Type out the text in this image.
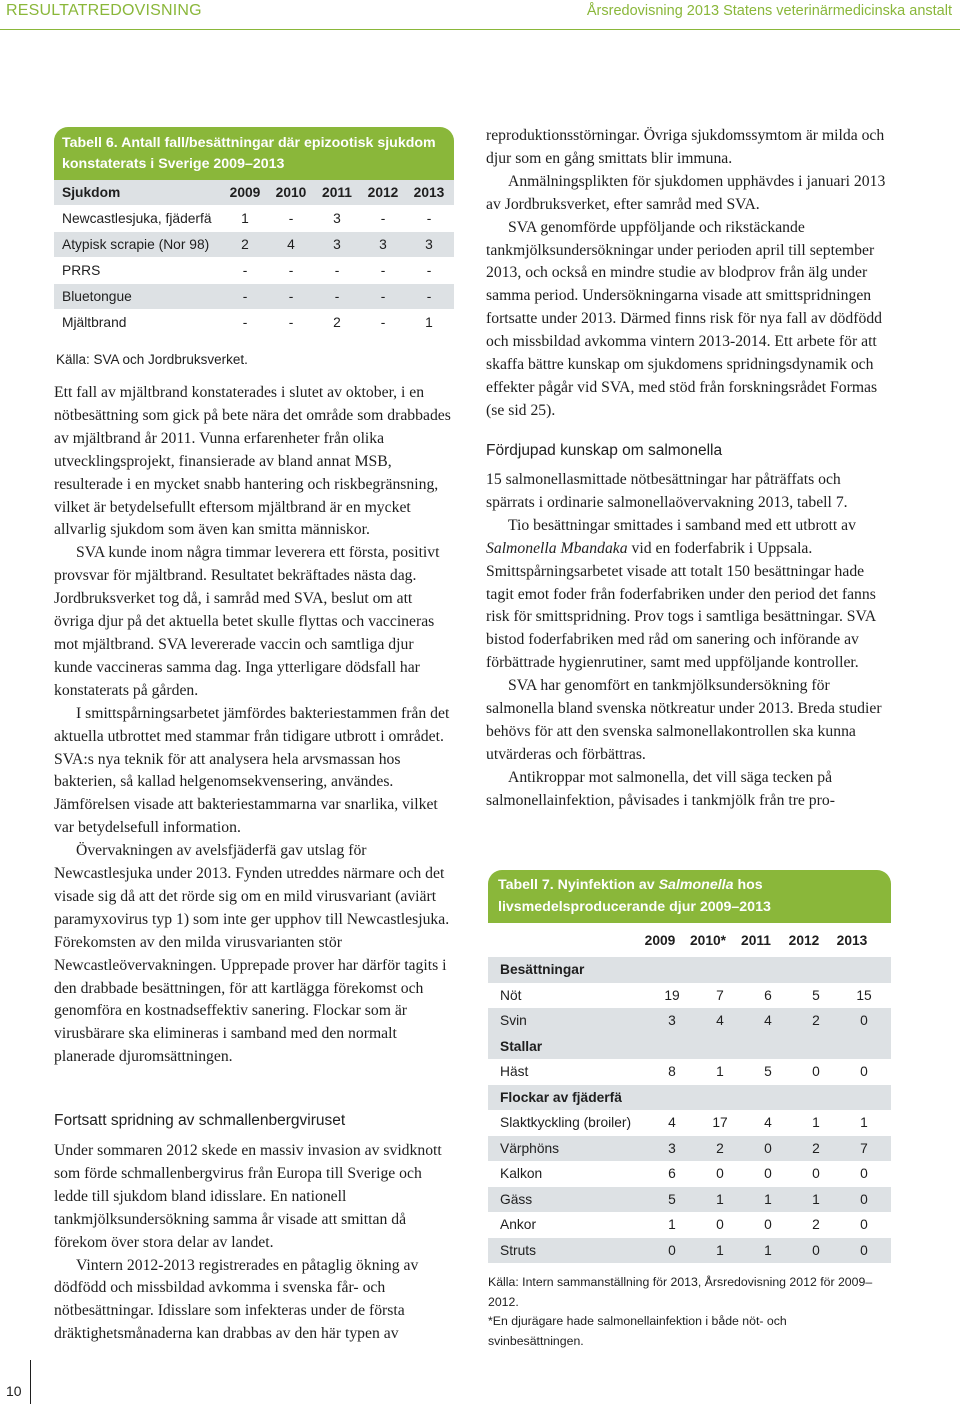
RESULTATREDOVISNING	Årsredovisning 2013 Statens veterinärmedicinska anstalt
Tabell 6. Antall fall/besättningar där epizootisk sjukdom
konstaterats i Sverige 2009–2013
Sjukdom	2009	2010	2011	2012	2013
Newcastlesjuka, fjäderfä	1	-	3	-	-
Atypisk scrapie (Nor 98)	2	4	3	3	3
PRRS	-	-	-	-	-
Bluetongue	-	-	-	-	-
Mjältbrand	-	-	2	-	1
Källa: SVA och Jordbruksverket.

Ett fall av mjältbrand konstaterades i slutet av oktober, i en nötbesättning som gick på bete nära det område som drabbades av mjältbrand år 2011. Vunna erfarenheter från olika utvecklingsprojekt, finansierade av bland annat MSB, resulterade i en mycket snabb hantering och riskbegränsning, vilket är betydelsefullt eftersom mjältbrand är en mycket allvarlig sjukdom som även kan smitta människor.

SVA kunde inom några timmar leverera ett första, positivt provsvar för mjältbrand. Resultatet bekräftades nästa dag. Jordbruksverket tog då, i samråd med SVA, beslut om att övriga djur på det aktuella betet skulle flyttas och vaccineras mot mjältbrand. SVA levererade vaccin och samtliga djur kunde vaccineras samma dag. Inga ytterligare dödsfall har konstaterats på gården.

I smittspårningsarbetet jämfördes bakteriestammen från det aktuella utbrottet med stammar från tidigare utbrott i området. SVA:s nya teknik för att analysera hela arvsmassan hos bakterien, så kallad helgenomsekvensering, användes. Jämförelsen visade att bakteriestammarna var snarlika, vilket var betydelsefull information.

Övervakningen av avelsfjäderfä gav utslag för Newcastlesjuka under 2013. Fynden utreddes närmare och det visade sig då att det rörde sig om en mild virusvariant (aviärt paramyxovirus typ 1) som inte ger upphov till Newcastlesjuka. Förekomsten av den milda virusvarianten stör Newcastleövervakningen. Upprepade prover har därför tagits i den drabbade besättningen, för att kartlägga förekomst och genomföra en kostnadseffektiv sanering. Flockar som är virusbärare ska elimineras i samband med den normalt planerade djuromsättningen.

Fortsatt spridning av schmallenbergviruset

Under sommaren 2012 skede en massiv invasion av svidknott som förde schmallenbergvirus från Europa till Sverige och ledde till sjukdom bland idisslare. En nationell tankmjölksundersökning samma år visade att smittan då förekom över stora delar av landet.

Vintern 2012-2013 registrerades en påtaglig ökning av dödfödd och missbildad avkomma i svenska får- och nötbesättningar. Idisslare som infekteras under de första dräktighetsmånaderna kan drabbas av den här typen av

reproduktionsstörningar. Övriga sjukdomssymtom är milda och djur som en gång smittats blir immuna.

Anmälningsplikten för sjukdomen upphävdes i januari 2013 av Jordbruksverket, efter samråd med SVA.

SVA genomförde uppföljande och rikstäckande tankmjölksundersökningar under perioden april till september 2013, och också en mindre studie av blodprov från älg under samma period. Undersökningarna visade att smittspridningen fortsatte under 2013. Därmed finns risk för nya fall av dödfödd och missbildad avkomma vintern 2013-2014. Ett arbete för att skaffa bättre kunskap om sjukdomens spridningsdynamik och effekter pågår vid SVA, med stöd från forskningsrådet Formas (se sid 25).

Fördjupad kunskap om salmonella

15 salmonellasmittade nötbesättningar har påträffats och spärrats i ordinarie salmonellaövervakning 2013, tabell 7.

Tio besättningar smittades i samband med ett utbrott av Salmonella Mbandaka vid en foderfabrik i Uppsala. Smittspårningsarbetet visade att totalt 150 besättningar hade tagit emot foder från foderfabriken under den period det fanns risk för smittspridning. Prov togs i samtliga besättningar. SVA bistod foderfabriken med råd om sanering och införande av förbättrade hygienrutiner, samt med uppföljande kontroller.

SVA har genomfört en tankmjölksundersökning för salmonella bland svenska nötkreatur under 2013. Breda studier behövs för att den svenska salmonellakontrollen ska kunna utvärderas och förbättras.

Antikroppar mot salmonella, det vill säga tecken på salmonellainfektion, påvisades i tankmjölk från tre pro-

Tabell 7. Nyinfektion av Salmonella hos
livsmedelsproducerande djur 2009–2013
2009	2010*	2011	2012	2013
Besättningar
Nöt	19	7	6	5	15
Svin	3	4	4	2	0
Stallar
Häst	8	1	5	0	0
Flockar av fjäderfä
Slaktkyckling (broiler)	4	17	4	1	1
Värphöns	3	2	0	2	7
Kalkon	6	0	0	0	0
Gäss	5	1	1	1	0
Ankor	1	0	0	2	0
Struts	0	1	1	0	0
Källa: Intern sammanställning för 2013, Årsredovisning 2012 för 2009–2012.
*En djurägare hade salmonellainfektion i både nöt- och
svinbesättningen.
10
